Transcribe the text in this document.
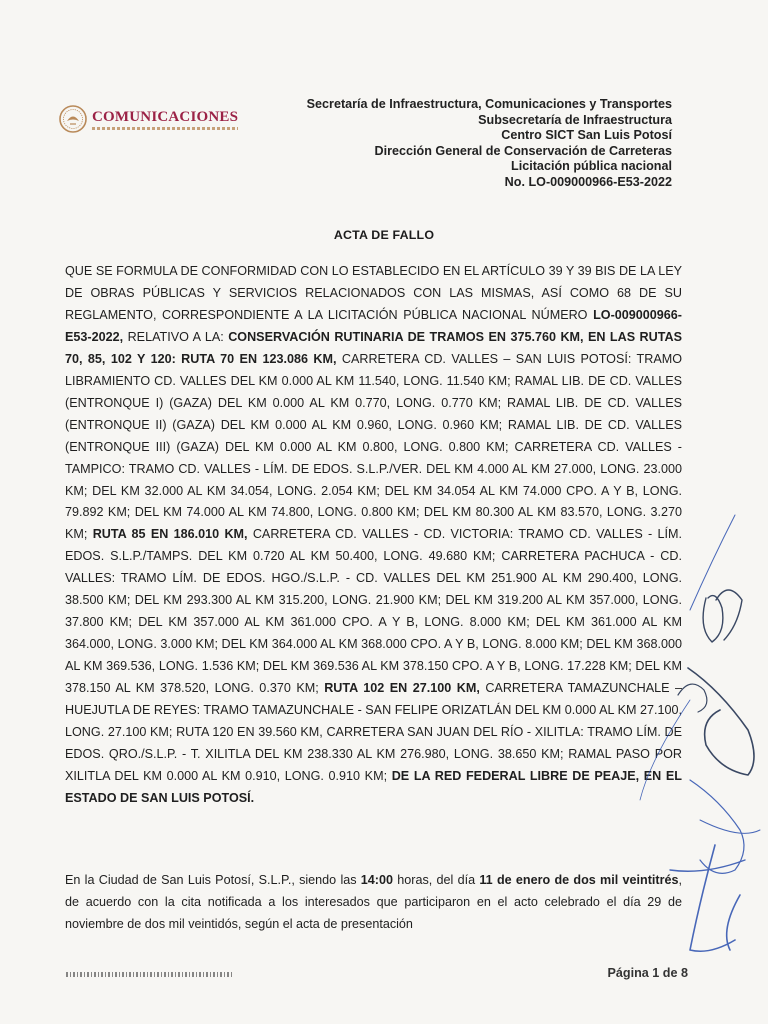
COMUNICACIONES
Secretaría de Infraestructura, Comunicaciones y Transportes
Subsecretaría de Infraestructura
Centro SICT San Luis Potosí
Dirección General de Conservación de Carreteras
Licitación pública nacional
No. LO-009000966-E53-2022
ACTA DE FALLO
QUE SE FORMULA DE CONFORMIDAD CON LO ESTABLECIDO EN EL ARTÍCULO 39 Y 39 BIS DE LA LEY DE OBRAS PÚBLICAS Y SERVICIOS RELACIONADOS CON LAS MISMAS, ASÍ COMO 68 DE SU REGLAMENTO, CORRESPONDIENTE A LA LICITACIÓN PÚBLICA NACIONAL NÚMERO LO-009000966-E53-2022, RELATIVO A LA: CONSERVACIÓN RUTINARIA DE TRAMOS EN 375.760 KM, EN LAS RUTAS 70, 85, 102 Y 120: RUTA 70 EN 123.086 KM, CARRETERA CD. VALLES – SAN LUIS POTOSÍ: TRAMO LIBRAMIENTO CD. VALLES DEL KM 0.000 AL KM 11.540, LONG. 11.540 KM; RAMAL LIB. DE CD. VALLES (ENTRONQUE I) (GAZA) DEL KM 0.000 AL KM 0.770, LONG. 0.770 KM; RAMAL LIB. DE CD. VALLES (ENTRONQUE II) (GAZA) DEL KM 0.000 AL KM 0.960, LONG. 0.960 KM; RAMAL LIB. DE CD. VALLES (ENTRONQUE III) (GAZA) DEL KM 0.000 AL KM 0.800, LONG. 0.800 KM; CARRETERA CD. VALLES - TAMPICO: TRAMO CD. VALLES - LÍM. DE EDOS. S.L.P./VER. DEL KM 4.000 AL KM 27.000, LONG. 23.000 KM; DEL KM 32.000 AL KM 34.054, LONG. 2.054 KM; DEL KM 34.054 AL KM 74.000 CPO. A Y B, LONG. 79.892 KM; DEL KM 74.000 AL KM 74.800, LONG. 0.800 KM; DEL KM 80.300 AL KM 83.570, LONG. 3.270 KM; RUTA 85 EN 186.010 KM, CARRETERA CD. VALLES - CD. VICTORIA: TRAMO CD. VALLES - LÍM. EDOS. S.L.P./TAMPS. DEL KM 0.720 AL KM 50.400, LONG. 49.680 KM; CARRETERA PACHUCA - CD. VALLES: TRAMO LÍM. DE EDOS. HGO./S.L.P. - CD. VALLES DEL KM 251.900 AL KM 290.400, LONG. 38.500 KM; DEL KM 293.300 AL KM 315.200, LONG. 21.900 KM; DEL KM 319.200 AL KM 357.000, LONG. 37.800 KM; DEL KM 357.000 AL KM 361.000 CPO. A Y B, LONG. 8.000 KM; DEL KM 361.000 AL KM 364.000, LONG. 3.000 KM; DEL KM 364.000 AL KM 368.000 CPO. A Y B, LONG. 8.000 KM; DEL KM 368.000 AL KM 369.536, LONG. 1.536 KM; DEL KM 369.536 AL KM 378.150 CPO. A Y B, LONG. 17.228 KM; DEL KM 378.150 AL KM 378.520, LONG. 0.370 KM; RUTA 102 EN 27.100 KM, CARRETERA TAMAZUNCHALE – HUEJUTLA DE REYES: TRAMO TAMAZUNCHALE - SAN FELIPE ORIZATLÁN DEL KM 0.000 AL KM 27.100, LONG. 27.100 KM; RUTA 120 EN 39.560 KM, CARRETERA SAN JUAN DEL RÍO - XILITLA: TRAMO LÍM. DE EDOS. QRO./S.L.P. - T. XILITLA DEL KM 238.330 AL KM 276.980, LONG. 38.650 KM; RAMAL PASO POR XILITLA DEL KM 0.000 AL KM 0.910, LONG. 0.910 KM; DE LA RED FEDERAL LIBRE DE PEAJE, EN EL ESTADO DE SAN LUIS POTOSÍ.
En la Ciudad de San Luis Potosí, S.L.P., siendo las 14:00 horas, del día 11 de enero de dos mil veintitrés, de acuerdo con la cita notificada a los interesados que participaron en el acto celebrado el día 29 de noviembre de dos mil veintidós, según el acta de presentación
Página 1 de 8
